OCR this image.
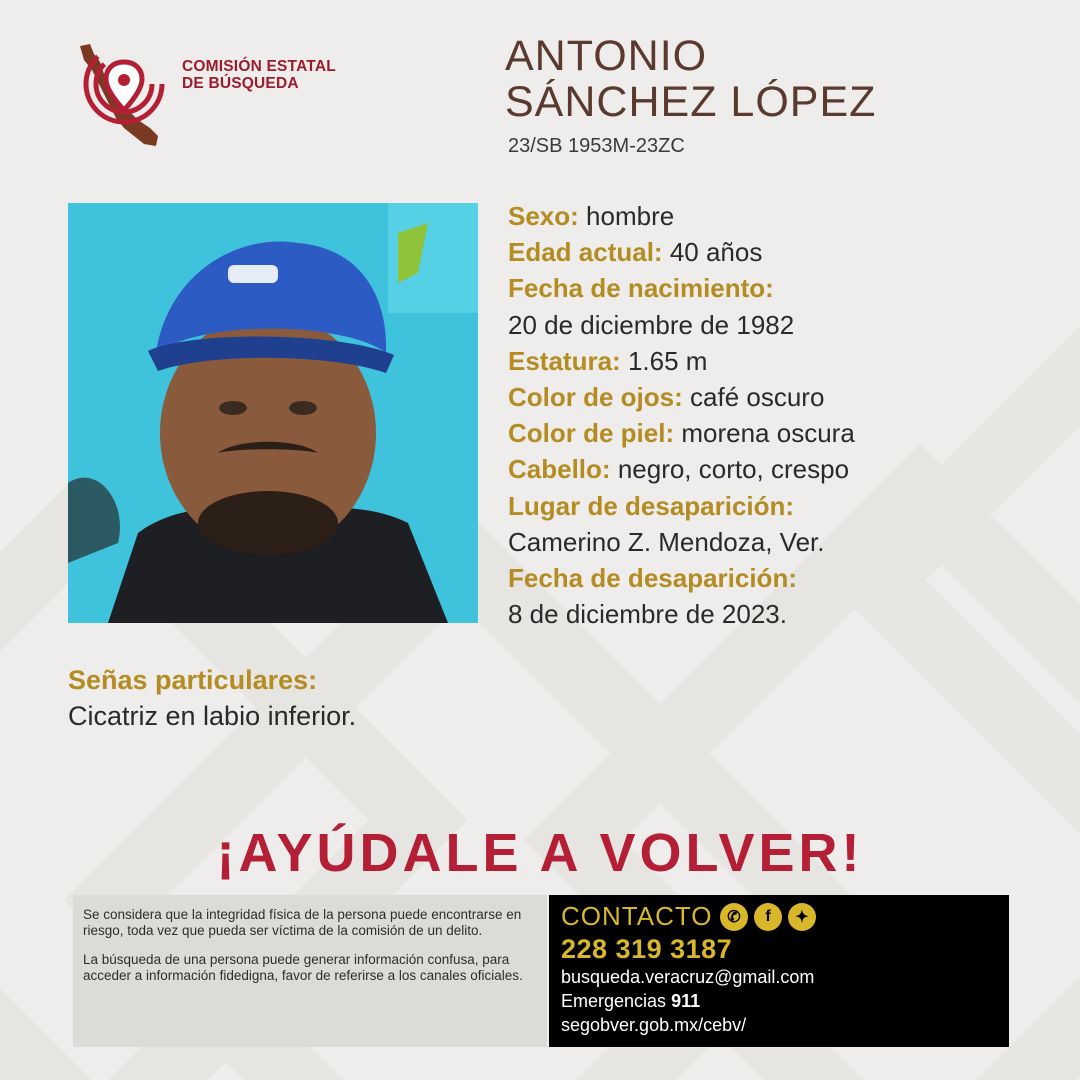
COMISIÓN ESTATAL
DE BÚSQUEDA
ANTONIO
SÁNCHEZ LÓPEZ
23/SB 1953M-23ZC
Sexo: hombre
Edad actual: 40 años
Fecha de nacimiento:
20 de diciembre de 1982
Estatura: 1.65 m
Color de ojos: café oscuro
Color de piel: morena oscura
Cabello: negro, corto, crespo
Lugar de desaparición:
Camerino Z. Mendoza, Ver.
Fecha de desaparición:
8 de diciembre de 2023.
Señas particulares:
Cicatriz en labio inferior.
¡AYÚDALE A VOLVER!

Se considera que la integridad física de la persona puede encontrarse en riesgo, toda vez que pueda ser víctima de la comisión de un delito.

La búsqueda de una persona puede generar información confusa, para acceder a información fidedigna, favor de referirse a los canales oficiales.

CONTACTO ✆	f	✦
228 319 3187
busqueda.veracruz@gmail.com
Emergencias 911
segobver.gob.mx/cebv/
